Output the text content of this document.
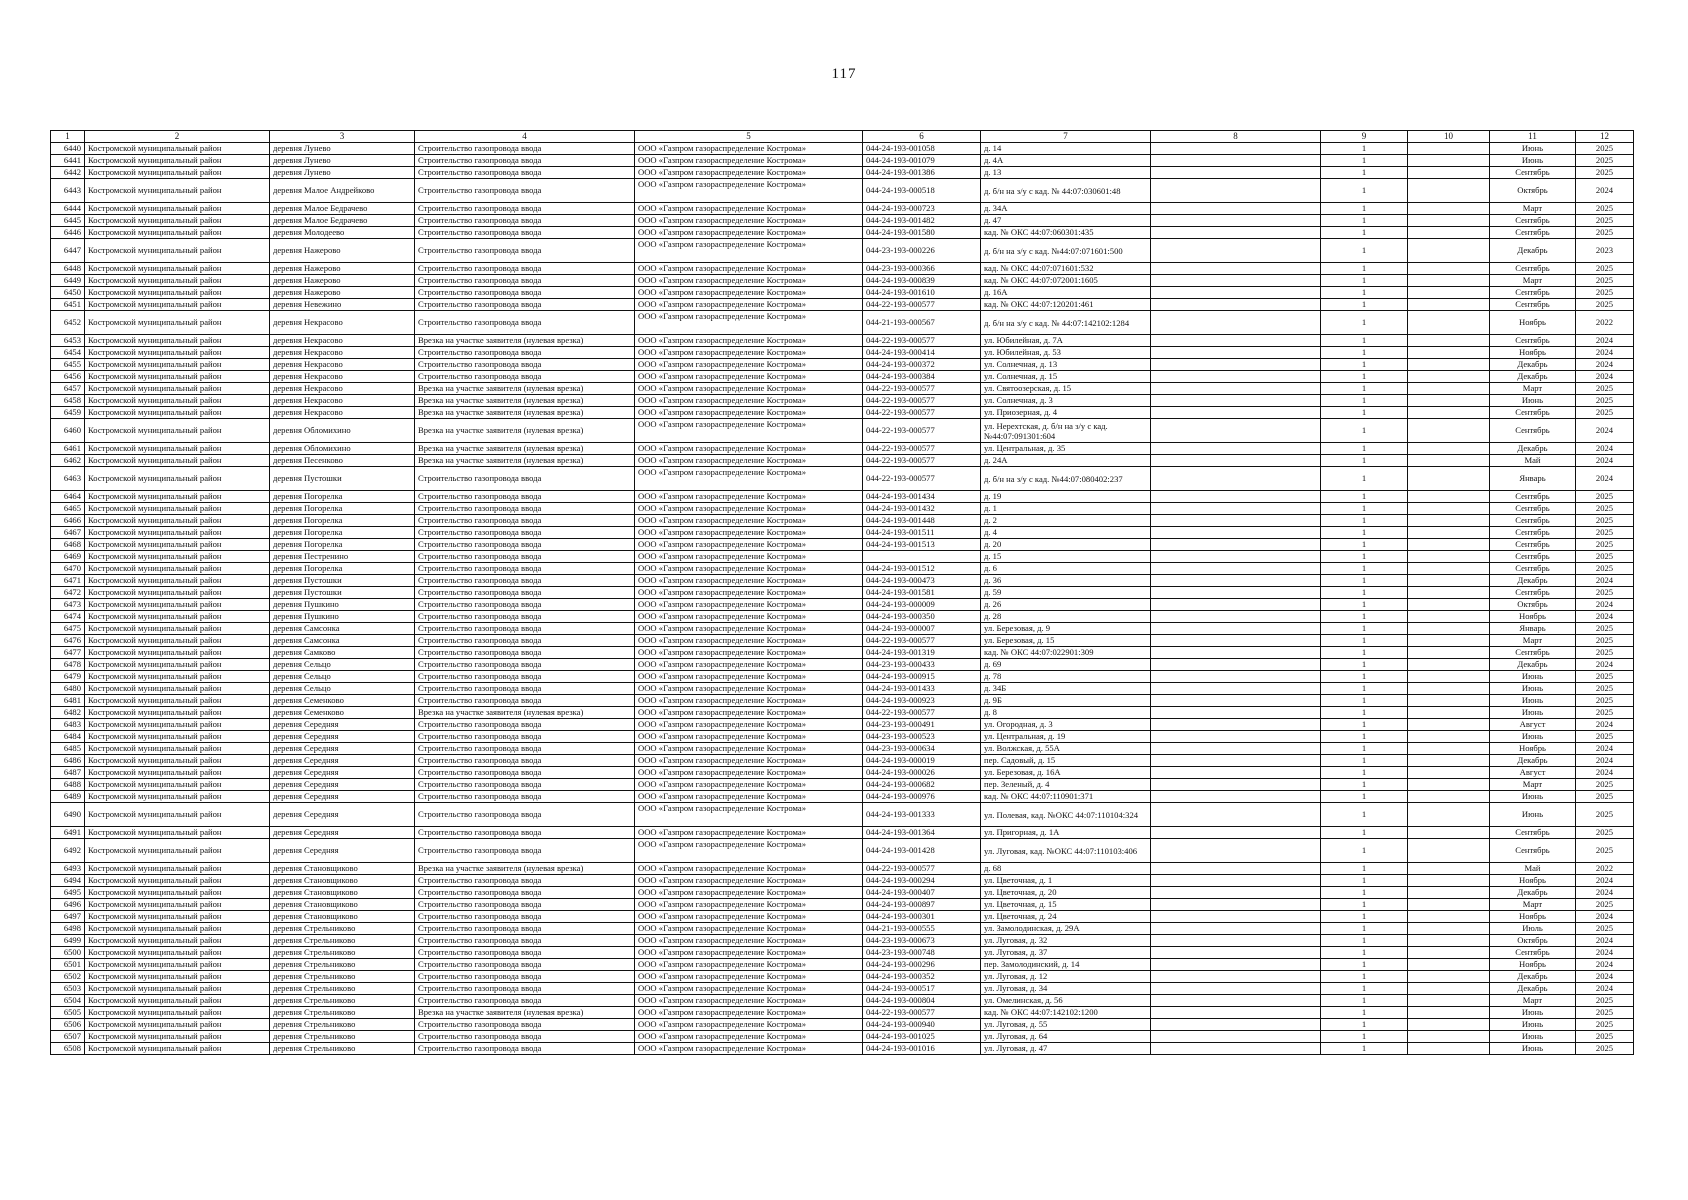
117
1	2	3	4	5	6	7	8	9	10	11	12
6440	Костромской муниципальный район	деревня Лунево	Строительство газопровода ввода	ООО «Газпром газораспределение Кострома»	044-24-193-001058	д. 14		1		Июнь	2025
6441	Костромской муниципальный район	деревня Лунево	Строительство газопровода ввода	ООО «Газпром газораспределение Кострома»	044-24-193-001079	д. 4А		1		Июнь	2025
6442	Костромской муниципальный район	деревня Лунево	Строительство газопровода ввода	ООО «Газпром газораспределение Кострома»	044-24-193-001386	д. 13		1		Сентябрь	2025
6443	Костромской муниципальный район	деревня Малое Андрейково	Строительство газопровода ввода	ООО «Газпром газораспределение Кострома»	044-24-193-000518	д. б/н на з/у с кад. № 44:07:030601:48		1		Октябрь	2024
6444	Костромской муниципальный район	деревня Малое Бедрачево	Строительство газопровода ввода	ООО «Газпром газораспределение Кострома»	044-24-193-000723	д. 34А		1		Март	2025
6445	Костромской муниципальный район	деревня Малое Бедрачево	Строительство газопровода ввода	ООО «Газпром газораспределение Кострома»	044-24-193-001482	д. 47		1		Сентябрь	2025
6446	Костромской муниципальный район	деревня Молодеево	Строительство газопровода ввода	ООО «Газпром газораспределение Кострома»	044-24-193-001580	кад. № ОКС 44:07:060301:435		1		Сентябрь	2025
6447	Костромской муниципальный район	деревня Нажерово	Строительство газопровода ввода	ООО «Газпром газораспределение Кострома»	044-23-193-000226	д. б/н на з/у с кад. №44:07:071601:500		1		Декабрь	2023
6448	Костромской муниципальный район	деревня Нажерово	Строительство газопровода ввода	ООО «Газпром газораспределение Кострома»	044-23-193-000366	кад. № ОКС 44:07:071601:532		1		Сентябрь	2025
6449	Костромской муниципальный район	деревня Нажерово	Строительство газопровода ввода	ООО «Газпром газораспределение Кострома»	044-24-193-000839	кад. № ОКС 44:07:072001:1605		1		Март	2025
6450	Костромской муниципальный район	деревня Нажерово	Строительство газопровода ввода	ООО «Газпром газораспределение Кострома»	044-24-193-001610	д. 16А		1		Сентябрь	2025
6451	Костромской муниципальный район	деревня Невежино	Строительство газопровода ввода	ООО «Газпром газораспределение Кострома»	044-22-193-000577	кад. № ОКС 44:07:120201:461		1		Сентябрь	2025
6452	Костромской муниципальный район	деревня Некрасово	Строительство газопровода ввода	ООО «Газпром газораспределение Кострома»	044-21-193-000567	д. б/н на з/у с кад. № 44:07:142102:1284		1		Ноябрь	2022
6453	Костромской муниципальный район	деревня Некрасово	Врезка на участке заявителя (нулевая врезка)	ООО «Газпром газораспределение Кострома»	044-22-193-000577	ул. Юбилейная, д. 7А		1		Сентябрь	2024
6454	Костромской муниципальный район	деревня Некрасово	Строительство газопровода ввода	ООО «Газпром газораспределение Кострома»	044-24-193-000414	ул. Юбилейная, д. 53		1		Ноябрь	2024
6455	Костромской муниципальный район	деревня Некрасово	Строительство газопровода ввода	ООО «Газпром газораспределение Кострома»	044-24-193-000372	ул. Солнечная, д. 13		1		Декабрь	2024
6456	Костромской муниципальный район	деревня Некрасово	Строительство газопровода ввода	ООО «Газпром газораспределение Кострома»	044-24-193-000384	ул. Солнечная, д. 15		1		Декабрь	2024
6457	Костромской муниципальный район	деревня Некрасово	Врезка на участке заявителя (нулевая врезка)	ООО «Газпром газораспределение Кострома»	044-22-193-000577	ул. Святоозерская, д. 15		1		Март	2025
6458	Костромской муниципальный район	деревня Некрасово	Врезка на участке заявителя (нулевая врезка)	ООО «Газпром газораспределение Кострома»	044-22-193-000577	ул. Солнечная, д. 3		1		Июнь	2025
6459	Костромской муниципальный район	деревня Некрасово	Врезка на участке заявителя (нулевая врезка)	ООО «Газпром газораспределение Кострома»	044-22-193-000577	ул. Приозерная, д. 4		1		Сентябрь	2025
6460	Костромской муниципальный район	деревня Обломихино	Врезка на участке заявителя (нулевая врезка)	ООО «Газпром газораспределение Кострома»	044-22-193-000577	ул. Нерехтская, д. б/н на з/у с кад. №44:07:091301:604		1		Сентябрь	2024
6461	Костромской муниципальный район	деревня Обломихино	Врезка на участке заявителя (нулевая врезка)	ООО «Газпром газораспределение Кострома»	044-22-193-000577	ул. Центральная, д. 35		1		Декабрь	2024
6462	Костромской муниципальный район	деревня Песенково	Врезка на участке заявителя (нулевая врезка)	ООО «Газпром газораспределение Кострома»	044-22-193-000577	д. 24А		1		Май	2024
6463	Костромской муниципальный район	деревня Пустошки	Строительство газопровода ввода	ООО «Газпром газораспределение Кострома»	044-22-193-000577	д. б/н на з/у с кад. №44:07:080402:237		1		Январь	2024
6464	Костромской муниципальный район	деревня Погорелка	Строительство газопровода ввода	ООО «Газпром газораспределение Кострома»	044-24-193-001434	д. 19		1		Сентябрь	2025
6465	Костромской муниципальный район	деревня Погорелка	Строительство газопровода ввода	ООО «Газпром газораспределение Кострома»	044-24-193-001432	д. 1		1		Сентябрь	2025
6466	Костромской муниципальный район	деревня Погорелка	Строительство газопровода ввода	ООО «Газпром газораспределение Кострома»	044-24-193-001448	д. 2		1		Сентябрь	2025
6467	Костромской муниципальный район	деревня Погорелка	Строительство газопровода ввода	ООО «Газпром газораспределение Кострома»	044-24-193-001511	д. 4		1		Сентябрь	2025
6468	Костромской муниципальный район	деревня Погорелка	Строительство газопровода ввода	ООО «Газпром газораспределение Кострома»	044-24-193-001513	д. 20		1		Сентябрь	2025
6469	Костромской муниципальный район	деревня Пестренино	Строительство газопровода ввода	ООО «Газпром газораспределение Кострома»		д. 15		1		Сентябрь	2025
6470	Костромской муниципальный район	деревня Погорелка	Строительство газопровода ввода	ООО «Газпром газораспределение Кострома»	044-24-193-001512	д. 6		1		Сентябрь	2025
6471	Костромской муниципальный район	деревня Пустошки	Строительство газопровода ввода	ООО «Газпром газораспределение Кострома»	044-24-193-000473	д. 36		1		Декабрь	2024
6472	Костромской муниципальный район	деревня Пустошки	Строительство газопровода ввода	ООО «Газпром газораспределение Кострома»	044-24-193-001581	д. 59		1		Сентябрь	2025
6473	Костромской муниципальный район	деревня Пушкино	Строительство газопровода ввода	ООО «Газпром газораспределение Кострома»	044-24-193-000009	д. 26		1		Октябрь	2024
6474	Костромской муниципальный район	деревня Пушкино	Строительство газопровода ввода	ООО «Газпром газораспределение Кострома»	044-24-193-000350	д. 28		1		Ноябрь	2024
6475	Костромской муниципальный район	деревня Самсонка	Строительство газопровода ввода	ООО «Газпром газораспределение Кострома»	044-24-193-000007	ул. Березовая, д. 9		1		Январь	2025
6476	Костромской муниципальный район	деревня Самсонка	Строительство газопровода ввода	ООО «Газпром газораспределение Кострома»	044-22-193-000577	ул. Березовая, д. 15		1		Март	2025
6477	Костромской муниципальный район	деревня Самково	Строительство газопровода ввода	ООО «Газпром газораспределение Кострома»	044-24-193-001319	кад. № ОКС 44:07:022901:309		1		Сентябрь	2025
6478	Костромской муниципальный район	деревня Сельцо	Строительство газопровода ввода	ООО «Газпром газораспределение Кострома»	044-23-193-000433	д. 69		1		Декабрь	2024
6479	Костромской муниципальный район	деревня Сельцо	Строительство газопровода ввода	ООО «Газпром газораспределение Кострома»	044-24-193-000915	д. 78		1		Июнь	2025
6480	Костромской муниципальный район	деревня Сельцо	Строительство газопровода ввода	ООО «Газпром газораспределение Кострома»	044-24-193-001433	д. 34Б		1		Июнь	2025
6481	Костромской муниципальный район	деревня Семенково	Строительство газопровода ввода	ООО «Газпром газораспределение Кострома»	044-24-193-000923	д. 9Б		1		Июнь	2025
6482	Костромской муниципальный район	деревня Семенково	Врезка на участке заявителя (нулевая врезка)	ООО «Газпром газораспределение Кострома»	044-22-193-000577	д. 8		1		Июнь	2025
6483	Костромской муниципальный район	деревня Середняя	Строительство газопровода ввода	ООО «Газпром газораспределение Кострома»	044-23-193-000491	ул. Огородная, д. 3		1		Август	2024
6484	Костромской муниципальный район	деревня Середняя	Строительство газопровода ввода	ООО «Газпром газораспределение Кострома»	044-23-193-000523	ул. Центральная, д. 19		1		Июнь	2025
6485	Костромской муниципальный район	деревня Середняя	Строительство газопровода ввода	ООО «Газпром газораспределение Кострома»	044-23-193-000634	ул. Волжская, д. 55А		1		Ноябрь	2024
6486	Костромской муниципальный район	деревня Середняя	Строительство газопровода ввода	ООО «Газпром газораспределение Кострома»	044-24-193-000019	пер. Садовый, д. 15		1		Декабрь	2024
6487	Костромской муниципальный район	деревня Середняя	Строительство газопровода ввода	ООО «Газпром газораспределение Кострома»	044-24-193-000026	ул. Березовая, д. 16А		1		Август	2024
6488	Костромской муниципальный район	деревня Середняя	Строительство газопровода ввода	ООО «Газпром газораспределение Кострома»	044-24-193-000682	пер. Зеленый, д. 4		1		Март	2025
6489	Костромской муниципальный район	деревня Середняя	Строительство газопровода ввода	ООО «Газпром газораспределение Кострома»	044-24-193-000976	кад. № ОКС 44:07:110901:371		1		Июнь	2025
6490	Костромской муниципальный район	деревня Середняя	Строительство газопровода ввода	ООО «Газпром газораспределение Кострома»	044-24-193-001333	ул. Полевая, кад. №ОКС 44:07:110104:324		1		Июнь	2025
6491	Костромской муниципальный район	деревня Середняя	Строительство газопровода ввода	ООО «Газпром газораспределение Кострома»	044-24-193-001364	ул. Пригорная, д. 1А		1		Сентябрь	2025
6492	Костромской муниципальный район	деревня Середняя	Строительство газопровода ввода	ООО «Газпром газораспределение Кострома»	044-24-193-001428	ул. Луговая, кад. №ОКС 44:07:110103:406		1		Сентябрь	2025
6493	Костромской муниципальный район	деревня Становщиково	Врезка на участке заявителя (нулевая врезка)	ООО «Газпром газораспределение Кострома»	044-22-193-000577	д. 68		1		Май	2022
6494	Костромской муниципальный район	деревня Становщиково	Строительство газопровода ввода	ООО «Газпром газораспределение Кострома»	044-24-193-000294	ул. Цветочная, д. 1		1		Ноябрь	2024
6495	Костромской муниципальный район	деревня Становщиково	Строительство газопровода ввода	ООО «Газпром газораспределение Кострома»	044-24-193-000407	ул. Цветочная, д. 20		1		Декабрь	2024
6496	Костромской муниципальный район	деревня Становщиково	Строительство газопровода ввода	ООО «Газпром газораспределение Кострома»	044-24-193-000897	ул. Цветочная, д. 15		1		Март	2025
6497	Костромской муниципальный район	деревня Становщиково	Строительство газопровода ввода	ООО «Газпром газораспределение Кострома»	044-24-193-000301	ул. Цветочная, д. 24		1		Ноябрь	2024
6498	Костромской муниципальный район	деревня Стрельниково	Строительство газопровода ввода	ООО «Газпром газораспределение Кострома»	044-21-193-000555	ул. Замолодинская, д. 29А		1		Июль	2025
6499	Костромской муниципальный район	деревня Стрельниково	Строительство газопровода ввода	ООО «Газпром газораспределение Кострома»	044-23-193-000673	ул. Луговая, д. 32		1		Октябрь	2024
6500	Костромской муниципальный район	деревня Стрельниково	Строительство газопровода ввода	ООО «Газпром газораспределение Кострома»	044-23-193-000748	ул. Луговая, д. 37		1		Сентябрь	2024
6501	Костромской муниципальный район	деревня Стрельниково	Строительство газопровода ввода	ООО «Газпром газораспределение Кострома»	044-24-193-000296	пер. Замолодинский, д. 14		1		Ноябрь	2024
6502	Костромской муниципальный район	деревня Стрельниково	Строительство газопровода ввода	ООО «Газпром газораспределение Кострома»	044-24-193-000352	ул. Луговая, д. 12		1		Декабрь	2024
6503	Костромской муниципальный район	деревня Стрельниково	Строительство газопровода ввода	ООО «Газпром газораспределение Кострома»	044-24-193-000517	ул. Луговая, д. 34		1		Декабрь	2024
6504	Костромской муниципальный район	деревня Стрельниково	Строительство газопровода ввода	ООО «Газпром газораспределение Кострома»	044-24-193-000804	ул. Омелинская, д. 56		1		Март	2025
6505	Костромской муниципальный район	деревня Стрельниково	Врезка на участке заявителя (нулевая врезка)	ООО «Газпром газораспределение Кострома»	044-22-193-000577	кад. № ОКС 44:07:142102:1200		1		Июнь	2025
6506	Костромской муниципальный район	деревня Стрельниково	Строительство газопровода ввода	ООО «Газпром газораспределение Кострома»	044-24-193-000940	ул. Луговая, д. 55		1		Июнь	2025
6507	Костромской муниципальный район	деревня Стрельниково	Строительство газопровода ввода	ООО «Газпром газораспределение Кострома»	044-24-193-001025	ул. Луговая, д. 64		1		Июнь	2025
6508	Костромской муниципальный район	деревня Стрельниково	Строительство газопровода ввода	ООО «Газпром газораспределение Кострома»	044-24-193-001016	ул. Луговая, д. 47		1		Июнь	2025
